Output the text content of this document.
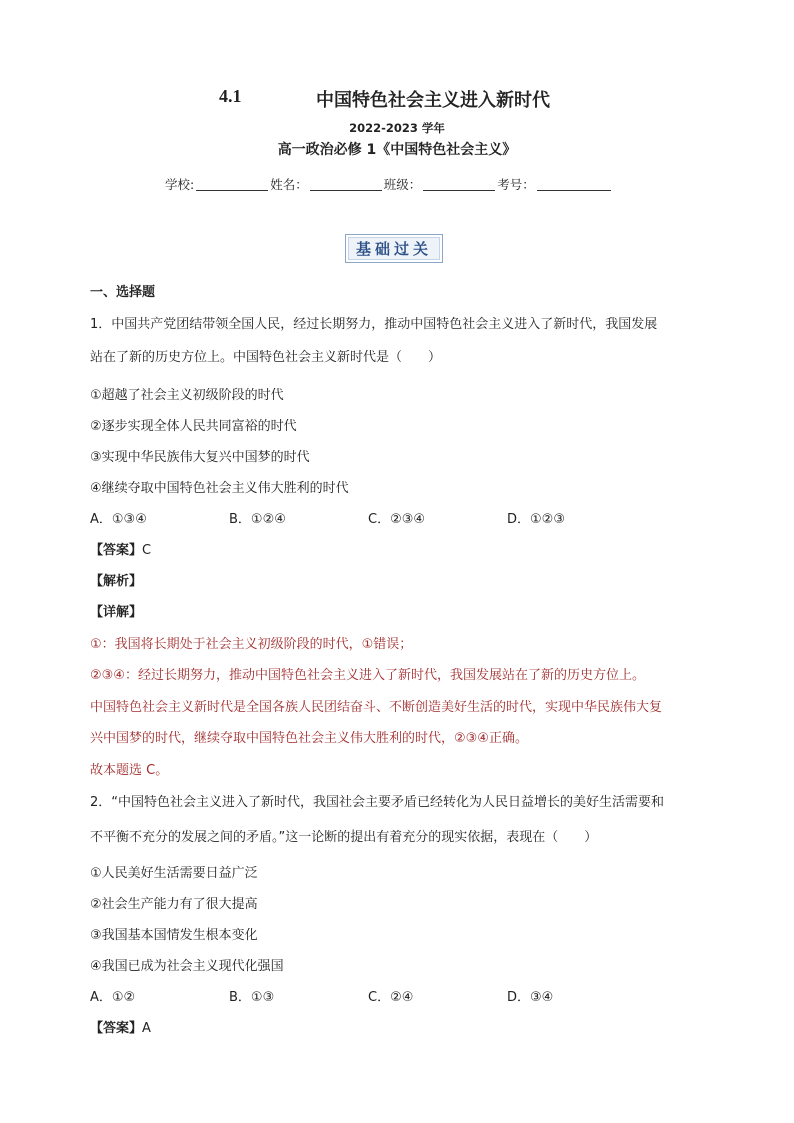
4.1	中国特色社会主义进入新时代
2022-2023 学年
高一政治必修 1《中国特色社会主义》
学校:	姓名：	班级：	考号：
基础过关
一、选择题
1．中国共产党团结带领全国人民，经过长期努力，推动中国特色社会主义进入了新时代，我国发展
站在了新的历史方位上。中国特色社会主义新时代是（　　）
①超越了社会主义初级阶段的时代
②逐步实现全体人民共同富裕的时代
③实现中华民族伟大复兴中国梦的时代
④继续夺取中国特色社会主义伟大胜利的时代
A．①③④	B．①②④	C．②③④	D．①②③
【答案】C
【解析】
【详解】
①：我国将长期处于社会主义初级阶段的时代，①错误；
②③④：经过长期努力，推动中国特色社会主义进入了新时代，我国发展站在了新的历史方位上。
中国特色社会主义新时代是全国各族人民团结奋斗、不断创造美好生活的时代，实现中华民族伟大复
兴中国梦的时代，继续夺取中国特色社会主义伟大胜利的时代，②③④正确。
故本题选 C。
2．“中国特色社会主义进入了新时代，我国社会主要矛盾已经转化为人民日益增长的美好生活需要和
不平衡不充分的发展之间的矛盾。”这一论断的提出有着充分的现实依据，表现在（　　）
①人民美好生活需要日益广泛
②社会生产能力有了很大提高
③我国基本国情发生根本变化
④我国已成为社会主义现代化强国
A．①②	B．①③	C．②④	D．③④
【答案】A
